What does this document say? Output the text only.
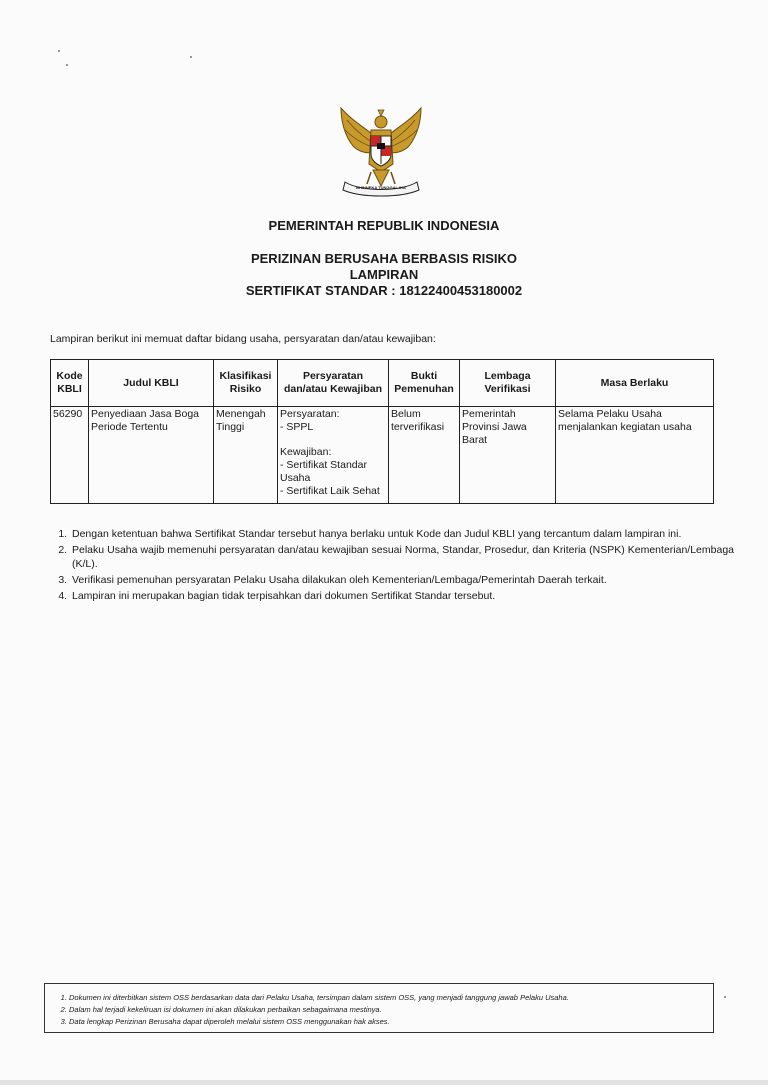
BHINNEKA TUNGGAL IKA
PEMERINTAH REPUBLIK INDONESIA
PERIZINAN BERUSAHA BERBASIS RISIKO
LAMPIRAN
SERTIFIKAT STANDAR : 18122400453180002
Lampiran berikut ini memuat daftar bidang usaha, persyaratan dan/atau kewajiban:
Kode KBLI	Judul KBLI	Klasifikasi Risiko	Persyaratan dan/atau Kewajiban	Bukti Pemenuhan	Lembaga Verifikasi	Masa Berlaku
56290	Penyediaan Jasa Boga Periode Tertentu	Menengah Tinggi	Persyaratan:
- SPPL
Kewajiban:
- Sertifikat Standar Usaha
- Sertifikat Laik Sehat	Belum terverifikasi	Pemerintah Provinsi Jawa Barat	Selama Pelaku Usaha menjalankan kegiatan usaha
1. Dengan ketentuan bahwa Sertifikat Standar tersebut hanya berlaku untuk Kode dan Judul KBLI yang tercantum dalam lampiran ini.
2. Pelaku Usaha wajib memenuhi persyaratan dan/atau kewajiban sesuai Norma, Standar, Prosedur, dan Kriteria (NSPK) Kementerian/Lembaga (K/L).
3. Verifikasi pemenuhan persyaratan Pelaku Usaha dilakukan oleh Kementerian/Lembaga/Pemerintah Daerah terkait.
4. Lampiran ini merupakan bagian tidak terpisahkan dari dokumen Sertifikat Standar tersebut.
1. Dokumen ini diterbitkan sistem OSS berdasarkan data dari Pelaku Usaha, tersimpan dalam sistem OSS, yang menjadi tanggung jawab Pelaku Usaha.
2. Dalam hal terjadi kekeliruan isi dokumen ini akan dilakukan perbaikan sebagaimana mestinya.
3. Data lengkap Perizinan Berusaha dapat diperoleh melalui sistem OSS menggunakan hak akses.
